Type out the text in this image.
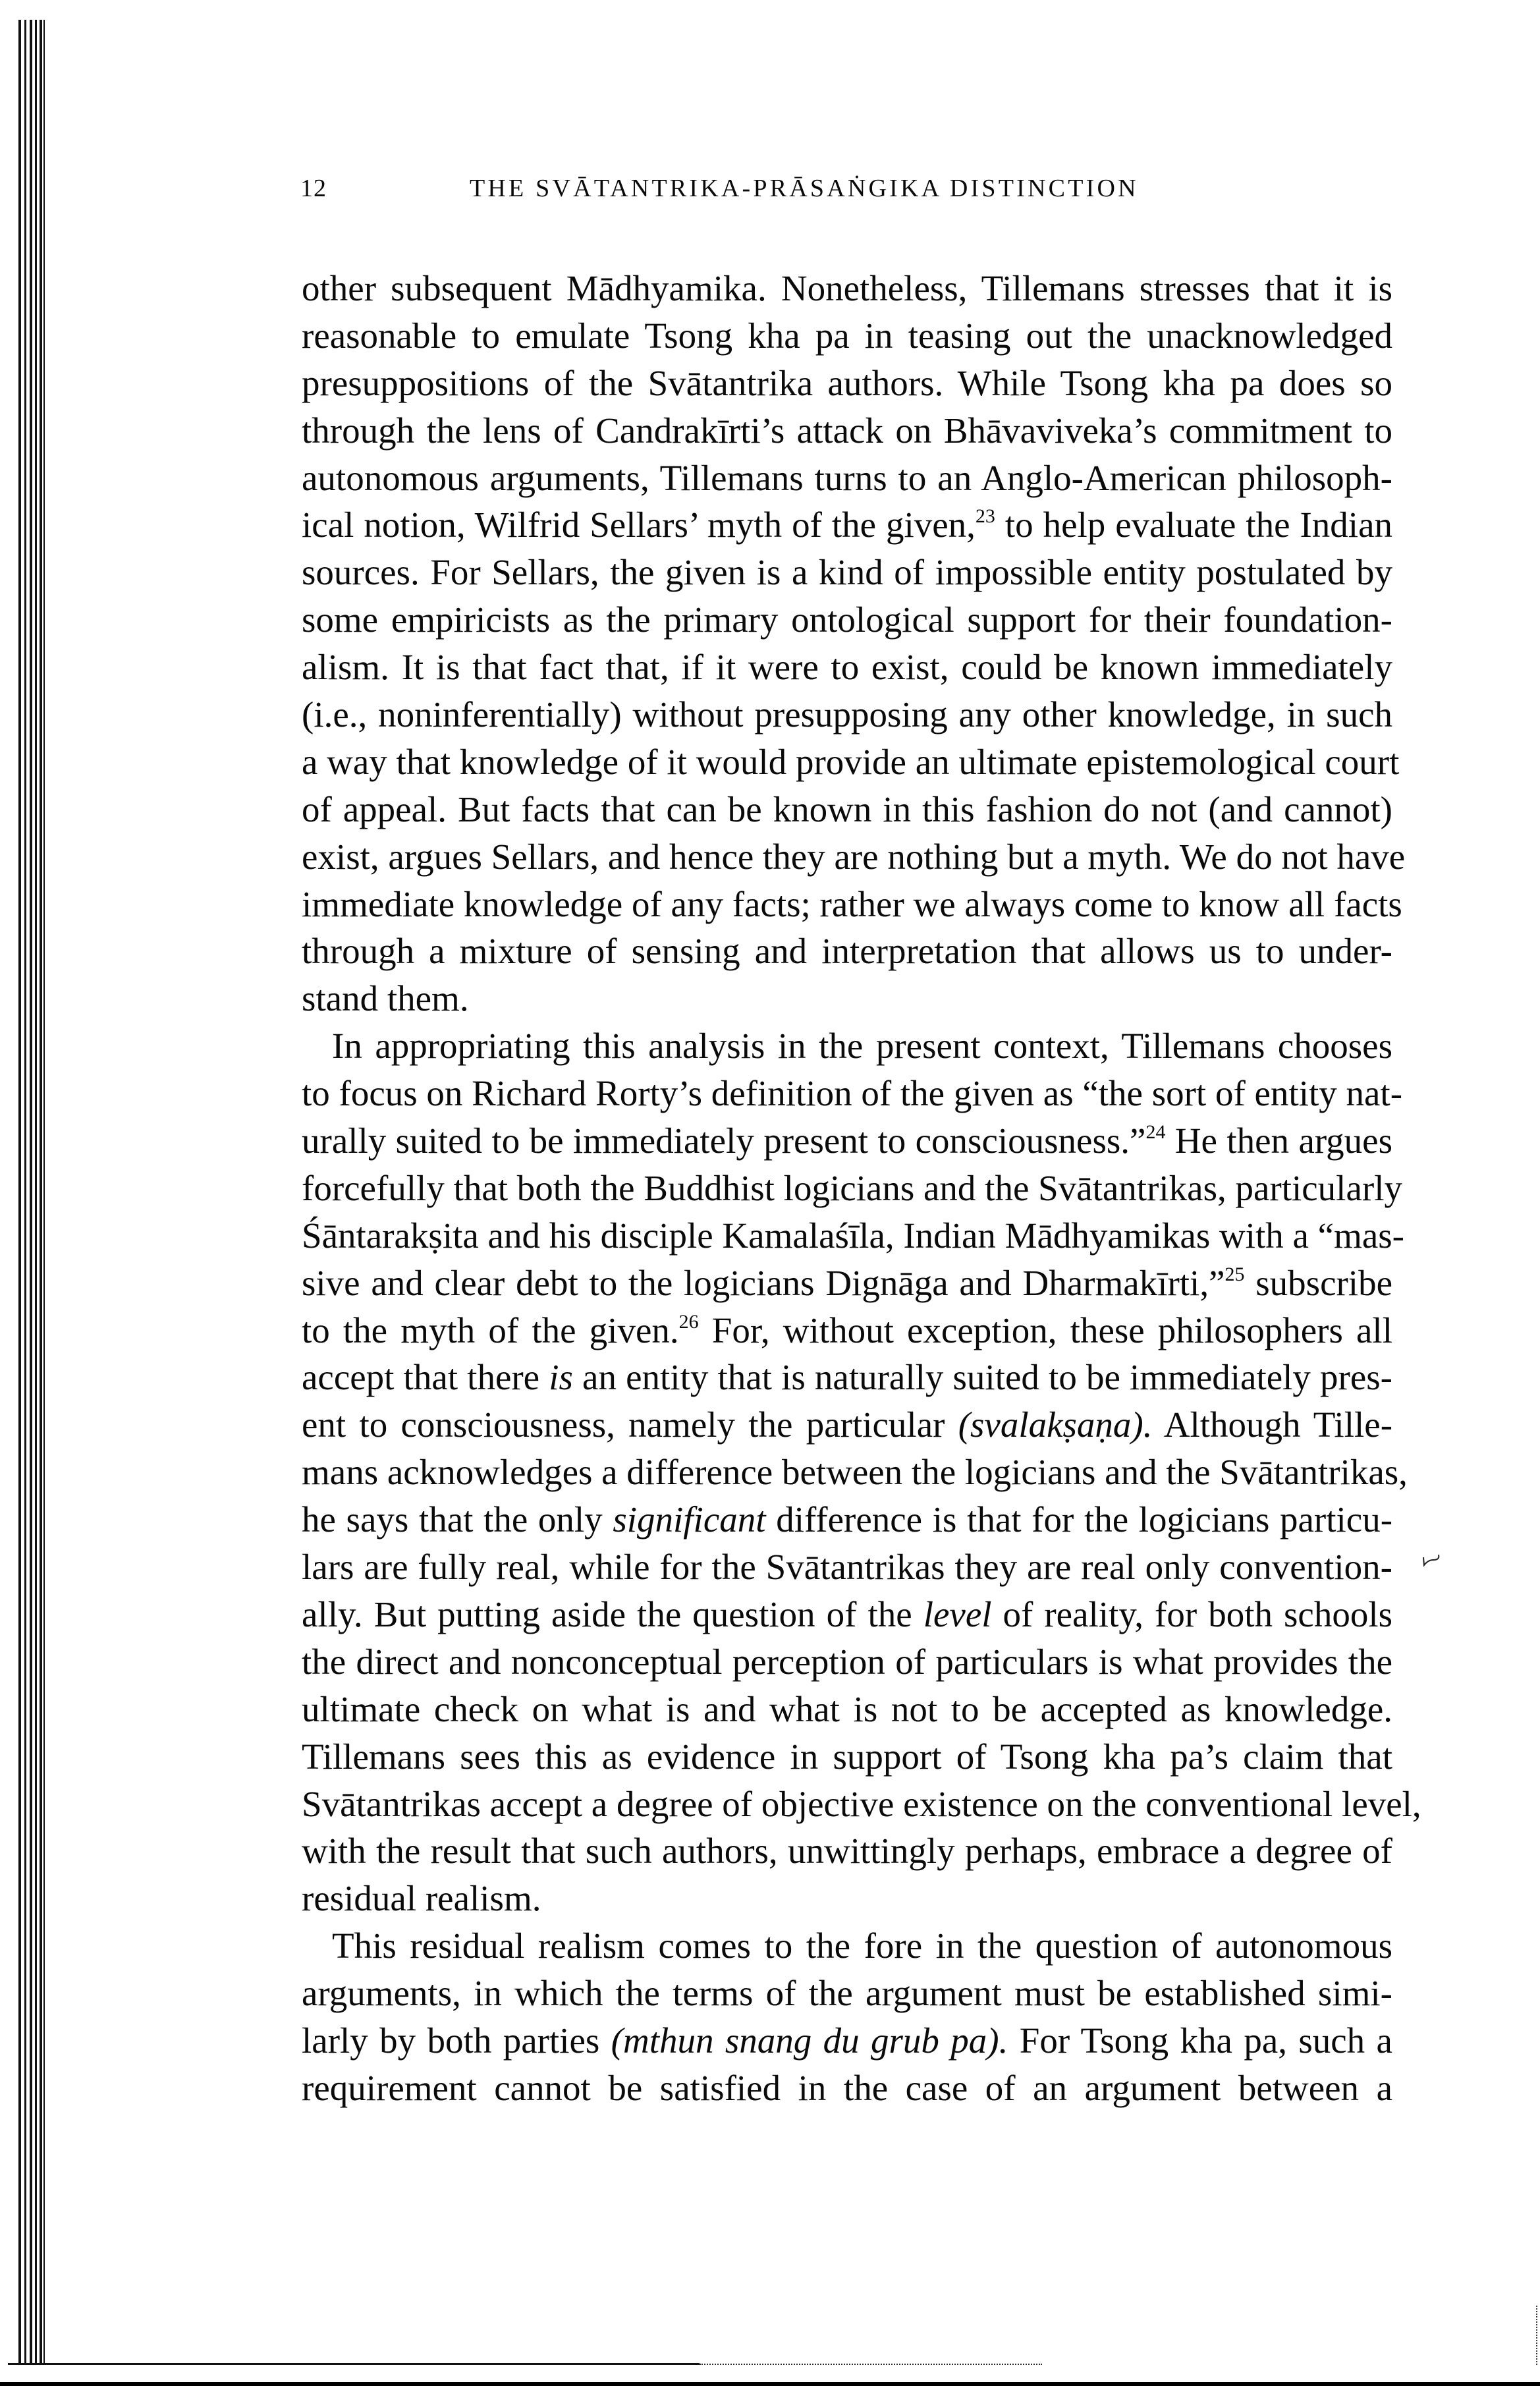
12	THE SVĀTANTRIKA-PRĀSAṄGIKA DISTINCTION
other subsequent Mādhyamika. Nonetheless, Tillemans stresses that it is
reasonable to emulate Tsong kha pa in teasing out the unacknowledged
presuppositions of the Svātantrika authors. While Tsong kha pa does so
through the lens of Candrakīrti’s attack on Bhāvaviveka’s commitment to
autonomous arguments, Tillemans turns to an Anglo-American philosoph-
ical notion, Wilfrid Sellars’ myth of the given,$^{23}$ to help evaluate the Indian
sources. For Sellars, the given is a kind of impossible entity postulated by
some empiricists as the primary ontological support for their foundation-
alism. It is that fact that, if it were to exist, could be known immediately
(i.e., noninferentially) without presupposing any other knowledge, in such
a way that knowledge of it would provide an ultimate epistemological court
of appeal. But facts that can be known in this fashion do not (and cannot)
exist, argues Sellars, and hence they are nothing but a myth. We do not have
immediate knowledge of any facts; rather we always come to know all facts
through a mixture of sensing and interpretation that allows us to under-
stand them.
In appropriating this analysis in the present context, Tillemans chooses
to focus on Richard Rorty’s definition of the given as “the sort of entity nat-
urally suited to be immediately present to consciousness.”$^{24}$ He then argues
forcefully that both the Buddhist logicians and the Svātantrikas, particularly
Śāntarakṣita and his disciple Kamalaśīla, Indian Mādhyamikas with a “mas-
sive and clear debt to the logicians Dignāga and Dharmakīrti,”$^{25}$ subscribe
to the myth of the given.$^{26}$ For, without exception, these philosophers all
accept that there is an entity that is naturally suited to be immediately pres-
ent to consciousness, namely the particular (svalakṣaṇa). Although Tille-
mans acknowledges a difference between the logicians and the Svātantrikas,
he says that the only significant difference is that for the logicians particu-
lars are fully real, while for the Svātantrikas they are real only convention-
ally. But putting aside the question of the level of reality, for both schools
the direct and nonconceptual perception of particulars is what provides the
ultimate check on what is and what is not to be accepted as knowledge.
Tillemans sees this as evidence in support of Tsong kha pa’s claim that
Svātantrikas accept a degree of objective existence on the conventional level,
with the result that such authors, unwittingly perhaps, embrace a degree of
residual realism.
This residual realism comes to the fore in the question of autonomous
arguments, in which the terms of the argument must be established simi-
larly by both parties (mthun snang du grub pa). For Tsong kha pa, such a
requirement cannot be satisfied in the case of an argument between a
